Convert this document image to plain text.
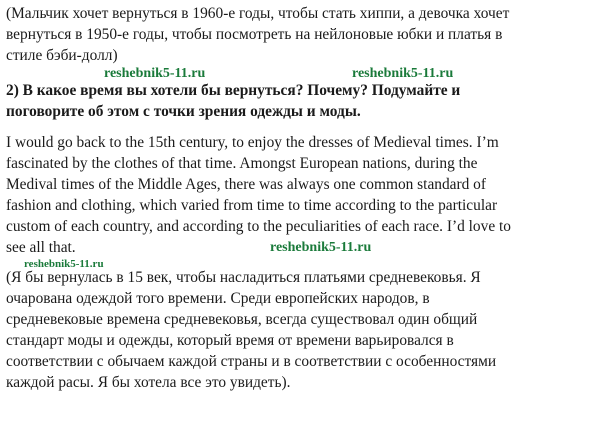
(Мальчик хочет вернуться в 1960-е годы, чтобы стать хиппи, а девочка хочет
вернуться в 1950-е годы, чтобы посмотреть на нейлоновые юбки и платья в
стиле бэби-долл)
reshebnik5-11.ru	reshebnik5-11.ru
2) В какое время вы хотели бы вернуться? Почему? Подумайте и
поговорите об этом с точки зрения одежды и моды.
I would go back to the 15th century, to enjoy the dresses of Medieval times. I’m
fascinated by the clothes of that time. Amongst European nations, during the
Medival times of the Middle Ages, there was always one common standard of
fashion and clothing, which varied from time to time according to the particular
custom of each country, and according to the peculiarities of each race. I’d love to
see all that.	reshebnik5-11.ru
reshebnik5-11.ru
(Я бы вернулась в 15 век, чтобы насладиться платьями средневековья. Я
очарована одеждой того времени. Среди европейских народов, в
средневековые времена средневековья, всегда существовал один общий
стандарт моды и одежды, который время от времени варьировался в
соответствии с обычаем каждой страны и в соответствии с особенностями
каждой расы. Я бы хотела все это увидеть).
